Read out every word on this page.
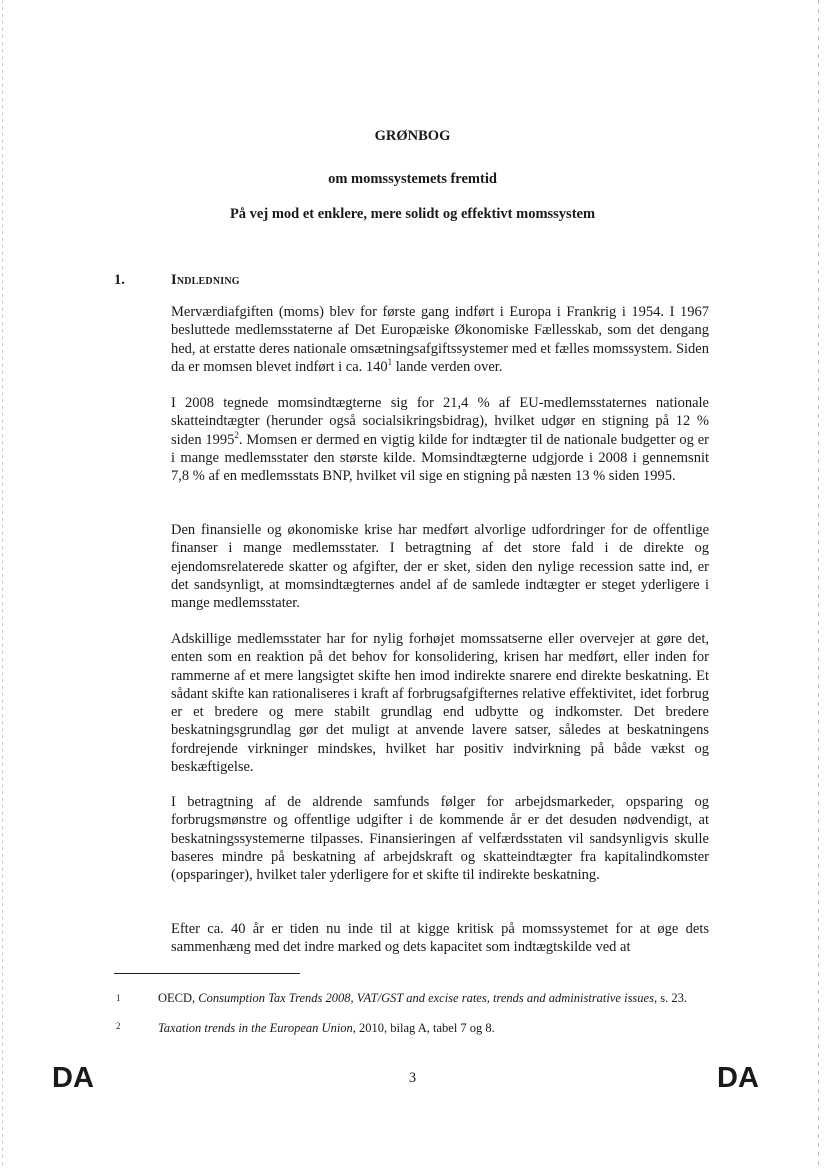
GRØNBOG
om momssystemets fremtid
På vej mod et enklere, mere solidt og effektivt momssystem
1.	Indledning

Merværdiafgiften (moms) blev for første gang indført i Europa i Frankrig i 1954. I 1967 besluttede medlemsstaterne af Det Europæiske Økonomiske Fællesskab, som det dengang hed, at erstatte deres nationale omsætningsafgiftssystemer med et fælles momssystem. Siden da er momsen blevet indført i ca. $140^1$ lande verden over.

I 2008 tegnede momsindtægterne sig for 21,4 % af EU-medlemsstaternes nationale skatteindtægter (herunder også socialsikringsbidrag), hvilket udgør en stigning på 12 % siden 1995$^2$. Momsen er dermed en vigtig kilde for indtægter til de nationale budgetter og er i mange medlemsstater den største kilde. Momsindtægterne udgjorde i 2008 i gennemsnit 7,8 % af en medlemsstats BNP, hvilket vil sige en stigning på næsten 13 % siden 1995.

Den finansielle og økonomiske krise har medført alvorlige udfordringer for de offentlige finanser i mange medlemsstater. I betragtning af det store fald i de direkte og ejendomsrelaterede skatter og afgifter, der er sket, siden den nylige recession satte ind, er det sandsynligt, at momsindtægternes andel af de samlede indtægter er steget yderligere i mange medlemsstater.

Adskillige medlemsstater har for nylig forhøjet momssatserne eller overvejer at gøre det, enten som en reaktion på det behov for konsolidering, krisen har medført, eller inden for rammerne af et mere langsigtet skifte hen imod indirekte snarere end direkte beskatning. Et sådant skifte kan rationaliseres i kraft af forbrugsafgifternes relative effektivitet, idet forbrug er et bredere og mere stabilt grundlag end udbytte og indkomster. Det bredere beskatningsgrundlag gør det muligt at anvende lavere satser, således at beskatningens fordrejende virkninger mindskes, hvilket har positiv indvirkning på både vækst og beskæftigelse.

I betragtning af de aldrende samfunds følger for arbejdsmarkeder, opsparing og forbrugsmønstre og offentlige udgifter i de kommende år er det desuden nødvendigt, at beskatningssystemerne tilpasses. Finansieringen af velfærdsstaten vil sandsynligvis skulle baseres mindre på beskatning af arbejdskraft og skatteindtægter fra kapitalindkomster (opsparinger), hvilket taler yderligere for et skifte til indirekte beskatning.

Efter ca. 40 år er tiden nu inde til at kigge kritisk på momssystemet for at øge dets sammenhæng med det indre marked og dets kapacitet som indtægtskilde ved at

1	OECD, Consumption Tax Trends 2008, VAT/GST and excise rates, trends and administrative issues, s. 23.
2	Taxation trends in the European Union, 2010, bilag A, tabel 7 og 8.
DA	3	DA
